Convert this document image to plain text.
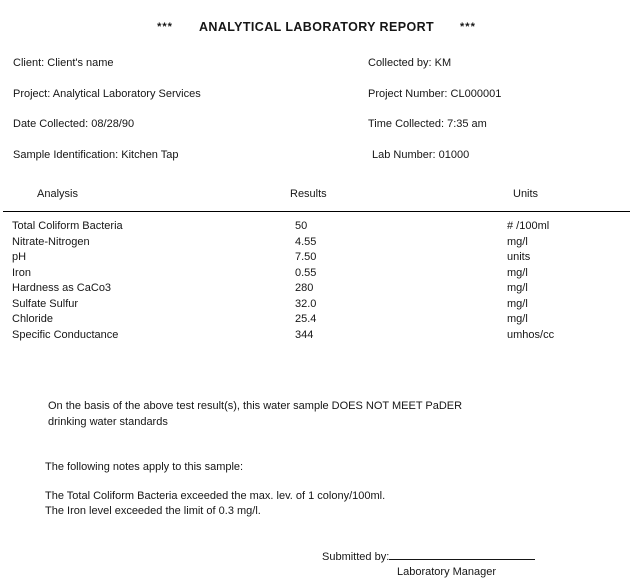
*** ANALYTICAL LABORATORY REPORT ***
Client: Client's name	Collected by: KM
Project: Analytical Laboratory Services	Project Number: CL000001
Date Collected: 08/28/90	Time Collected: 7:35 am
Sample Identification: Kitchen Tap	Lab Number: 01000
Analysis	Results	Units
Total Coliform Bacteria	50	# /100ml
Nitrate-Nitrogen	4.55	mg/l
pH	7.50	units
Iron	0.55	mg/l
Hardness as CaCo3	280	mg/l
Sulfate Sulfur	32.0	mg/l
Chloride	25.4	mg/l
Specific Conductance	344	umhos/cc
On the basis of the above test result(s), this water sample DOES NOT MEET PaDER
drinking water standards
The following notes apply to this sample:
The Total Coliform Bacteria exceeded the max. lev. of 1 colony/100ml.
The Iron level exceeded the limit of 0.3 mg/l.
Submitted by:
Laboratory Manager
